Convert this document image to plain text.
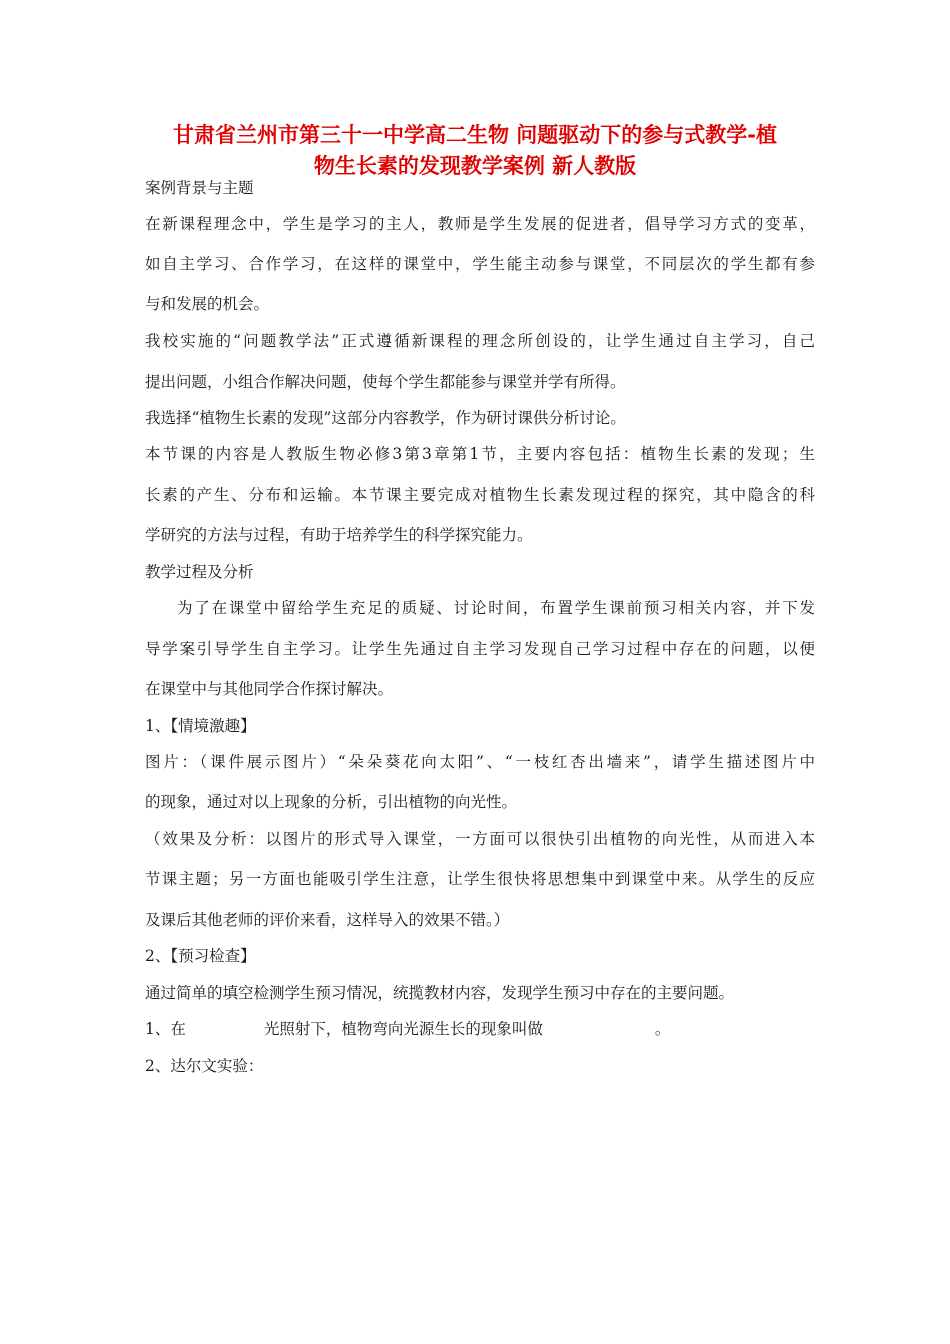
甘肃省兰州市第三十一中学高二生物 问题驱动下的参与式教学-植
物生长素的发现教学案例 新人教版

案例背景与主题

在新课程理念中，学生是学习的主人，教师是学生发展的促进者，倡导学习方式的变革，

如自主学习、合作学习，在这样的课堂中，学生能主动参与课堂，不同层次的学生都有参

与和发展的机会。

我校实施的“问题教学法”正式遵循新课程的理念所创设的，让学生通过自主学习，自己

提出问题，小组合作解决问题，使每个学生都能参与课堂并学有所得。

我选择“植物生长素的发现”这部分内容教学，作为研讨课供分析讨论。

本节课的内容是人教版生物必修3第3章第1节，主要内容包括：植物生长素的发现；生

长素的产生、分布和运输。本节课主要完成对植物生长素发现过程的探究，其中隐含的科

学研究的方法与过程，有助于培养学生的科学探究能力。

教学过程及分析

为了在课堂中留给学生充足的质疑、讨论时间，布置学生课前预习相关内容，并下发

导学案引导学生自主学习。让学生先通过自主学习发现自己学习过程中存在的问题，以便

在课堂中与其他同学合作探讨解决。

1、【情境激趣】

图片：（课件展示图片）“朵朵葵花向太阳”、“一枝红杏出墙来”，请学生描述图片中

的现象，通过对以上现象的分析，引出植物的向光性。

（效果及分析：以图片的形式导入课堂，一方面可以很快引出植物的向光性，从而进入本

节课主题；另一方面也能吸引学生注意，让学生很快将思想集中到课堂中来。从学生的反应

及课后其他老师的评价来看，这样导入的效果不错。）

2、【预习检查】

通过简单的填空检测学生预习情况，统揽教材内容，发现学生预习中存在的主要问题。

1、在	光照射下，植物弯向光源生长的现象叫做	。

2、达尔文实验：
